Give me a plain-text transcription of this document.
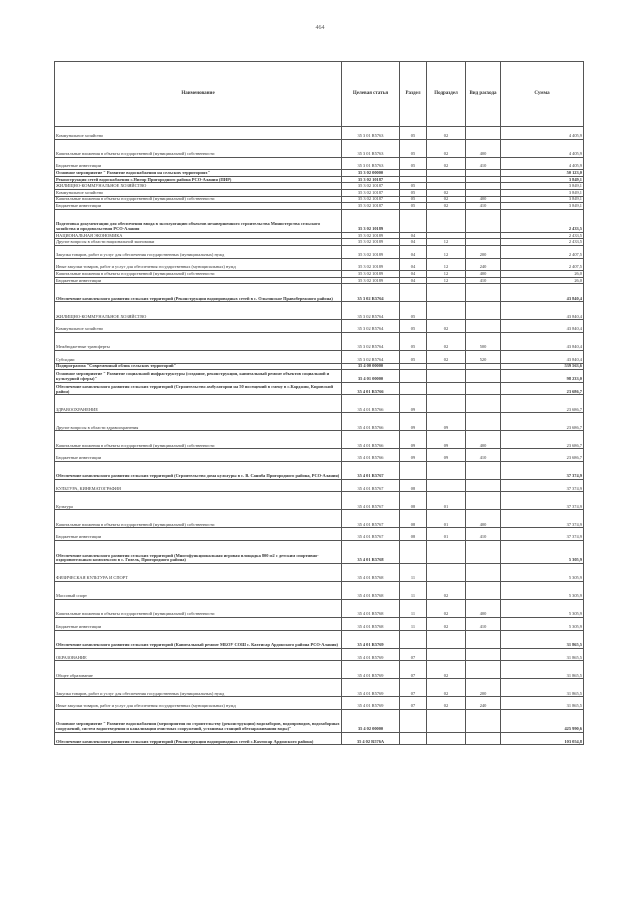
464
Наименование	Целевая статья	Раздел	Подраздел	Вид расхода	Сумма
Коммунальное хозяйство	35 3 01 R5763	05	02		4 405,9
Капитальные вложения в объекты государственной (муниципальной) собственности	35 3 01 R5763	05	02	400	4 405,9
Бюджетные инвестиции	35 3 01 R5763	05	02	410	4 405,9
Основное мероприятие " Развитие водоснабжения на сельских территориях"	35 3 02 00000				50 123,0
Реконструкция сетей водоснабжения с.Нигир Пригородного района РСО-Алания (ПИР)	35 3 02 10187				3 849,1
ЖИЛИЩНО-КОММУНАЛЬНОЕ ХОЗЯЙСТВО	35 3 02 10187	05			3 849,1
Коммунальное хозяйство	35 3 02 10187	05	02		3 849,1
Капитальные вложения в объекты государственной (муниципальной) собственности	35 3 02 10187	05	02	400	3 849,1
Бюджетные инвестиции	35 3 02 10187	05	02	410	3 849,1
Подготовка документации для обеспечения ввода в эксплуатацию объектов незавершенного строительства Министерства сельского хозяйства и продовольствия РСО-Алания	35 3 02 10189				2 433,5
НАЦИОНАЛЬНАЯ ЭКОНОМИКА	35 3 02 10189	04			2 433,5
Другие вопросы в области национальной экономики	35 3 02 10189	04	12		2 433,5
Закупка товаров, работ и услуг для обеспечения государственных (муниципальных) нужд	35 3 02 10189	04	12	200	2 407,5
Иные закупки товаров, работ и услуг для обеспечения государственных (муниципальных) нужд	35 3 02 10189	04	12	240	2 407,5
Капитальные вложения в объекты государственной (муниципальной) собственности	35 3 02 10189	04	12	400	26,0
Бюджетные инвестиции	35 3 02 10189	04	12	410	26,0
Обеспечение комплексного развития сельских территорий (Реконструкция водопроводных сетей в с. Ольгинское Правобережного района)	35 3 02 R5764				43 840,4
ЖИЛИЩНО-КОММУНАЛЬНОЕ ХОЗЯЙСТВО	35 3 02 R5764	05			43 840,4
Коммунальное хозяйство	35 3 02 R5764	05	02		43 840,4
Межбюджетные трансферты	35 3 02 R5764	05	02	500	43 840,4
Субсидии	35 3 02 R5764	05	02	520	43 840,4
Подпрограмма "Современный облик сельских территорий"	35 4 00 00000				539 563,6
Основное мероприятие " Развитие социальной инфраструктуры (создание, реконструкция, капитальный ремонт объектов социальной и культурной сферы)"	35 4 01 00000				98 233,0
Обеспечение комплексного развития сельских территорий (Строительство амбулатории на 50 посещений в смену в с.Карджин, Кировский район)	35 4 01 R5766				23 686,7
ЗДРАВООХРАНЕНИЕ	35 4 01 R5766	09			23 686,7
Другие вопросы в области здравоохранения	35 4 01 R5766	09	09		23 686,7
Капитальные вложения в объекты государственной (муниципальной) собственности	35 4 01 R5766	09	09	400	23 686,7
Бюджетные инвестиции	35 4 01 R5766	09	09	410	23 686,7
Обеспечение комплексного развития сельских территорий (Строительство дома культуры в с. В. Саниба Пригородного района, РСО-Алания)	35 4 01 R5767				37 374,9
КУЛЬТУРА, КИНЕМАТОГРАФИЯ	35 4 01 R5767	08			37 374,9
Культура	35 4 01 R5767	08	01		37 374,9
Капитальные вложения в объекты государственной (муниципальной) собственности	35 4 01 R5767	08	01	400	37 374,9
Бюджетные инвестиции	35 4 01 R5767	08	01	410	37 374,9
Обеспечение комплексного развития сельских территорий (Многофункциональная игровая площадка 800 м2 с детским спортивно-оздоровительным комплексом в с. Гизель, Пригородного района)	35 4 01 R5768				5 305,9
ФИЗИЧЕСКАЯ КУЛЬТУРА И СПОРТ	35 4 01 R5768	11			5 305,9
Массовый спорт	35 4 01 R5768	11	02		5 305,9
Капитальные вложения в объекты государственной (муниципальной) собственности	35 4 01 R5768	11	02	400	5 305,9
Бюджетные инвестиции	35 4 01 R5768	11	02	410	5 305,9
Обеспечение комплексного развития сельских территорий (Капитальный ремонт МБОУ СОШ с. Кахтисар Ардонского района РСО-Алания)	35 4 01 R5769				31 865,5
ОБРАЗОВАНИЕ	35 4 01 R5769	07			31 865,5
Общее образование	35 4 01 R5769	07	02		31 865,5
Закупка товаров, работ и услуг для обеспечения государственных (муниципальных) нужд	35 4 01 R5769	07	02	200	31 865,5
Иные закупки товаров, работ и услуг для обеспечения государственных (муниципальных) нужд	35 4 01 R5769	07	02	240	31 865,5
Основное мероприятие " Развитие водоснабжения (мероприятия по строительству (реконструкции) водозаборов, водопроводов, водозаборных сооружений, систем водоотведения и канализации очистных сооружений, установка станций обеззараживания воды)"	35 4 02 00000				425 990,6
Обеспечение комплексного развития сельских территорий (Реконструкция водопроводных сетей с.Кахтисар Ардонского района)	35 4 02 R576А				103 054,8
